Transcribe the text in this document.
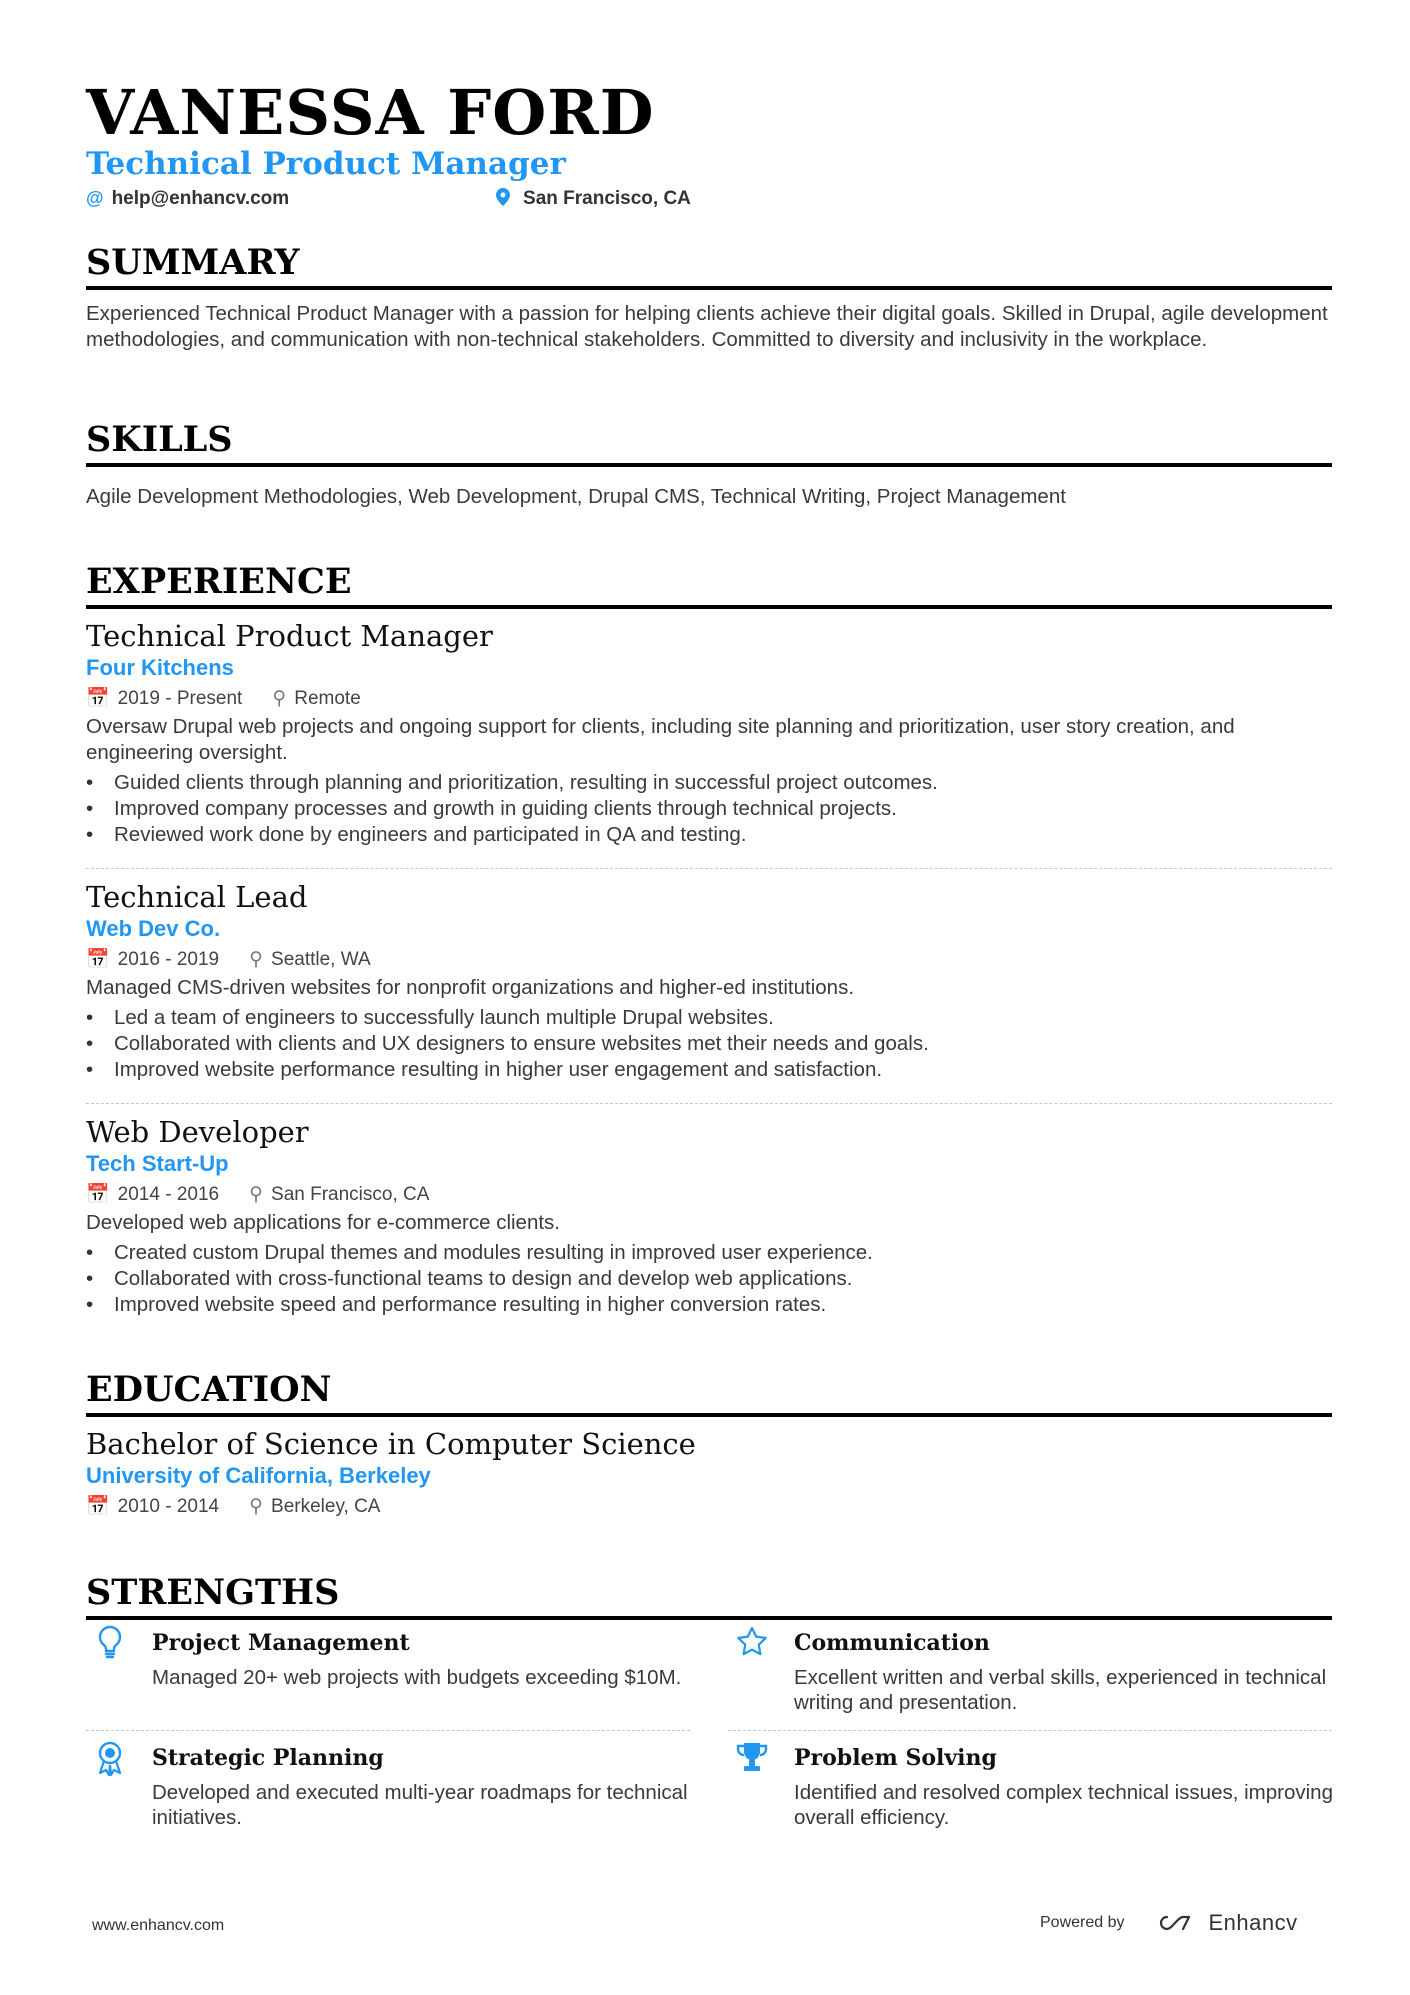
VANESSA FORD
Technical Product Manager
@ help@enhancv.com	San Francisco, CA
SUMMARY

Experienced Technical Product Manager with a passion for helping clients achieve their digital goals. Skilled in Drupal, agile development methodologies, and communication with non-technical stakeholders. Committed to diversity and inclusivity in the workplace.

SKILLS

Agile Development Methodologies, Web Development, Drupal CMS, Technical Writing, Project Management

EXPERIENCE

Technical Product Manager

Four Kitchens

📅 2019 - Present ⚲ Remote

Oversaw Drupal web projects and ongoing support for clients, including site planning and prioritization, user story creation, and engineering oversight.

• Guided clients through planning and prioritization, resulting in successful project outcomes.
• Improved company processes and growth in guiding clients through technical projects.
• Reviewed work done by engineers and participated in QA and testing.

Technical Lead

Web Dev Co.

📅 2016 - 2019 ⚲ Seattle, WA

Managed CMS-driven websites for nonprofit organizations and higher-ed institutions.

• Led a team of engineers to successfully launch multiple Drupal websites.
• Collaborated with clients and UX designers to ensure websites met their needs and goals.
• Improved website performance resulting in higher user engagement and satisfaction.

Web Developer

Tech Start-Up

📅 2014 - 2016 ⚲ San Francisco, CA

Developed web applications for e-commerce clients.

• Created custom Drupal themes and modules resulting in improved user experience.
• Collaborated with cross-functional teams to design and develop web applications.
• Improved website speed and performance resulting in higher conversion rates.
EDUCATION

Bachelor of Science in Computer Science

University of California, Berkeley

📅 2010 - 2014 ⚲ Berkeley, CA

STRENGTHS

Project Management

Managed 20+ web projects with budgets exceeding $10M.

Communication

Excellent written and verbal skills, experienced in technical writing and presentation.

Strategic Planning

Developed and executed multi-year roadmaps for technical initiatives.

Problem Solving

Identified and resolved complex technical issues, improving overall efficiency.

www.enhancv.com	Powered by	Enhancv
